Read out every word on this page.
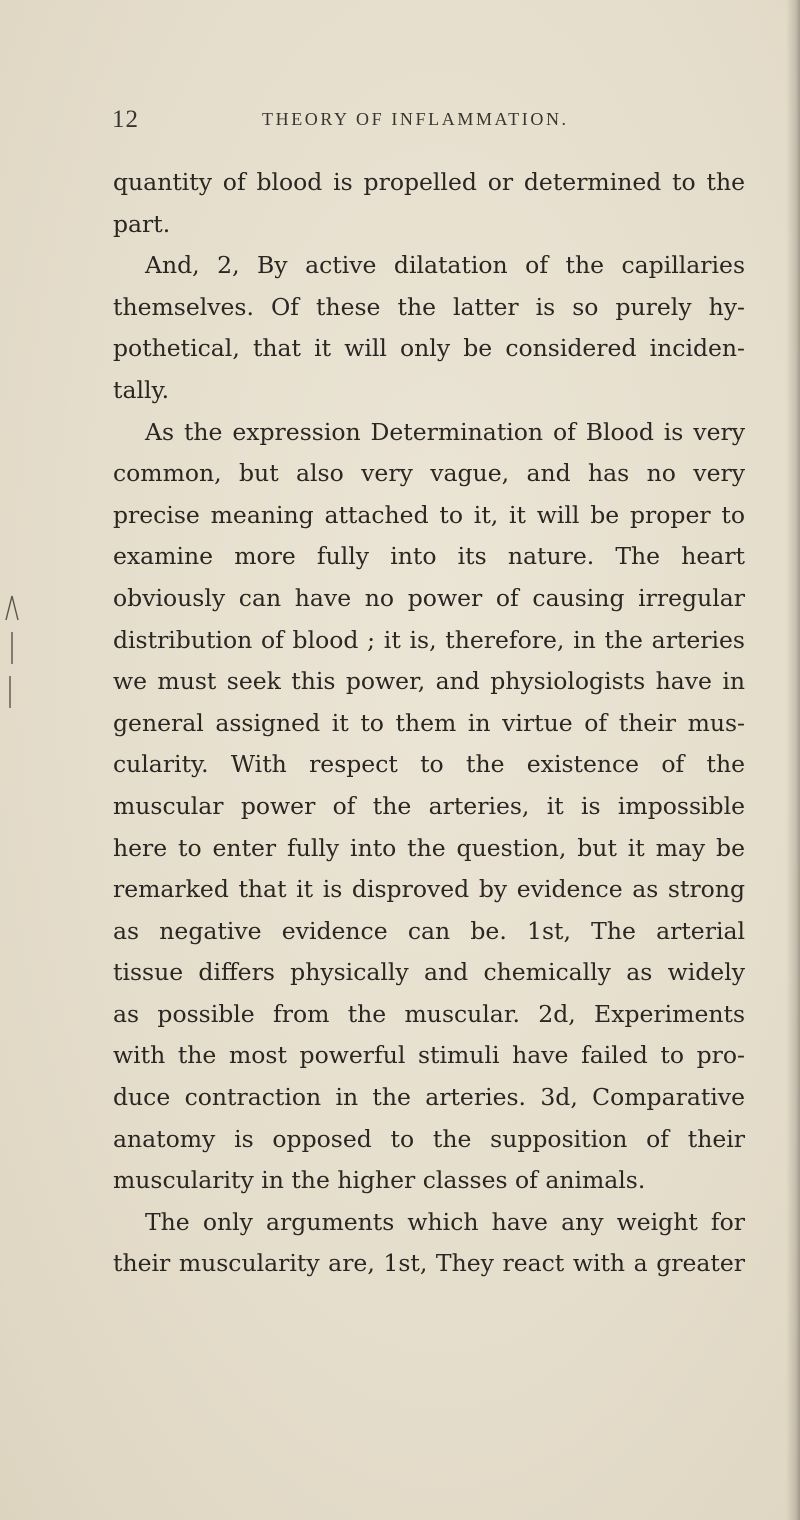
12	THEORY OF INFLAMMATION.
quantity of blood is propelled or determined to the
part.
And, 2, By active dilatation of the capillaries
themselves. Of these the latter is so purely hy-
pothetical, that it will only be considered inciden-
tally.
As the expression Determination of Blood is very
common, but also very vague, and has no very
precise meaning attached to it, it will be proper to
examine more fully into its nature. The heart
obviously can have no power of causing irregular
distribution of blood ; it is, therefore, in the arteries
we must seek this power, and physiologists have in
general assigned it to them in virtue of their mus-
cularity. With respect to the existence of the
muscular power of the arteries, it is impossible
here to enter fully into the question, but it may be
remarked that it is disproved by evidence as strong
as negative evidence can be. 1st, The arterial
tissue differs physically and chemically as widely
as possible from the muscular. 2d, Experiments
with the most powerful stimuli have failed to pro-
duce contraction in the arteries. 3d, Comparative
anatomy is opposed to the supposition of their
muscularity in the higher classes of animals.
The only arguments which have any weight for
their muscularity are, 1st, They react with a greater
